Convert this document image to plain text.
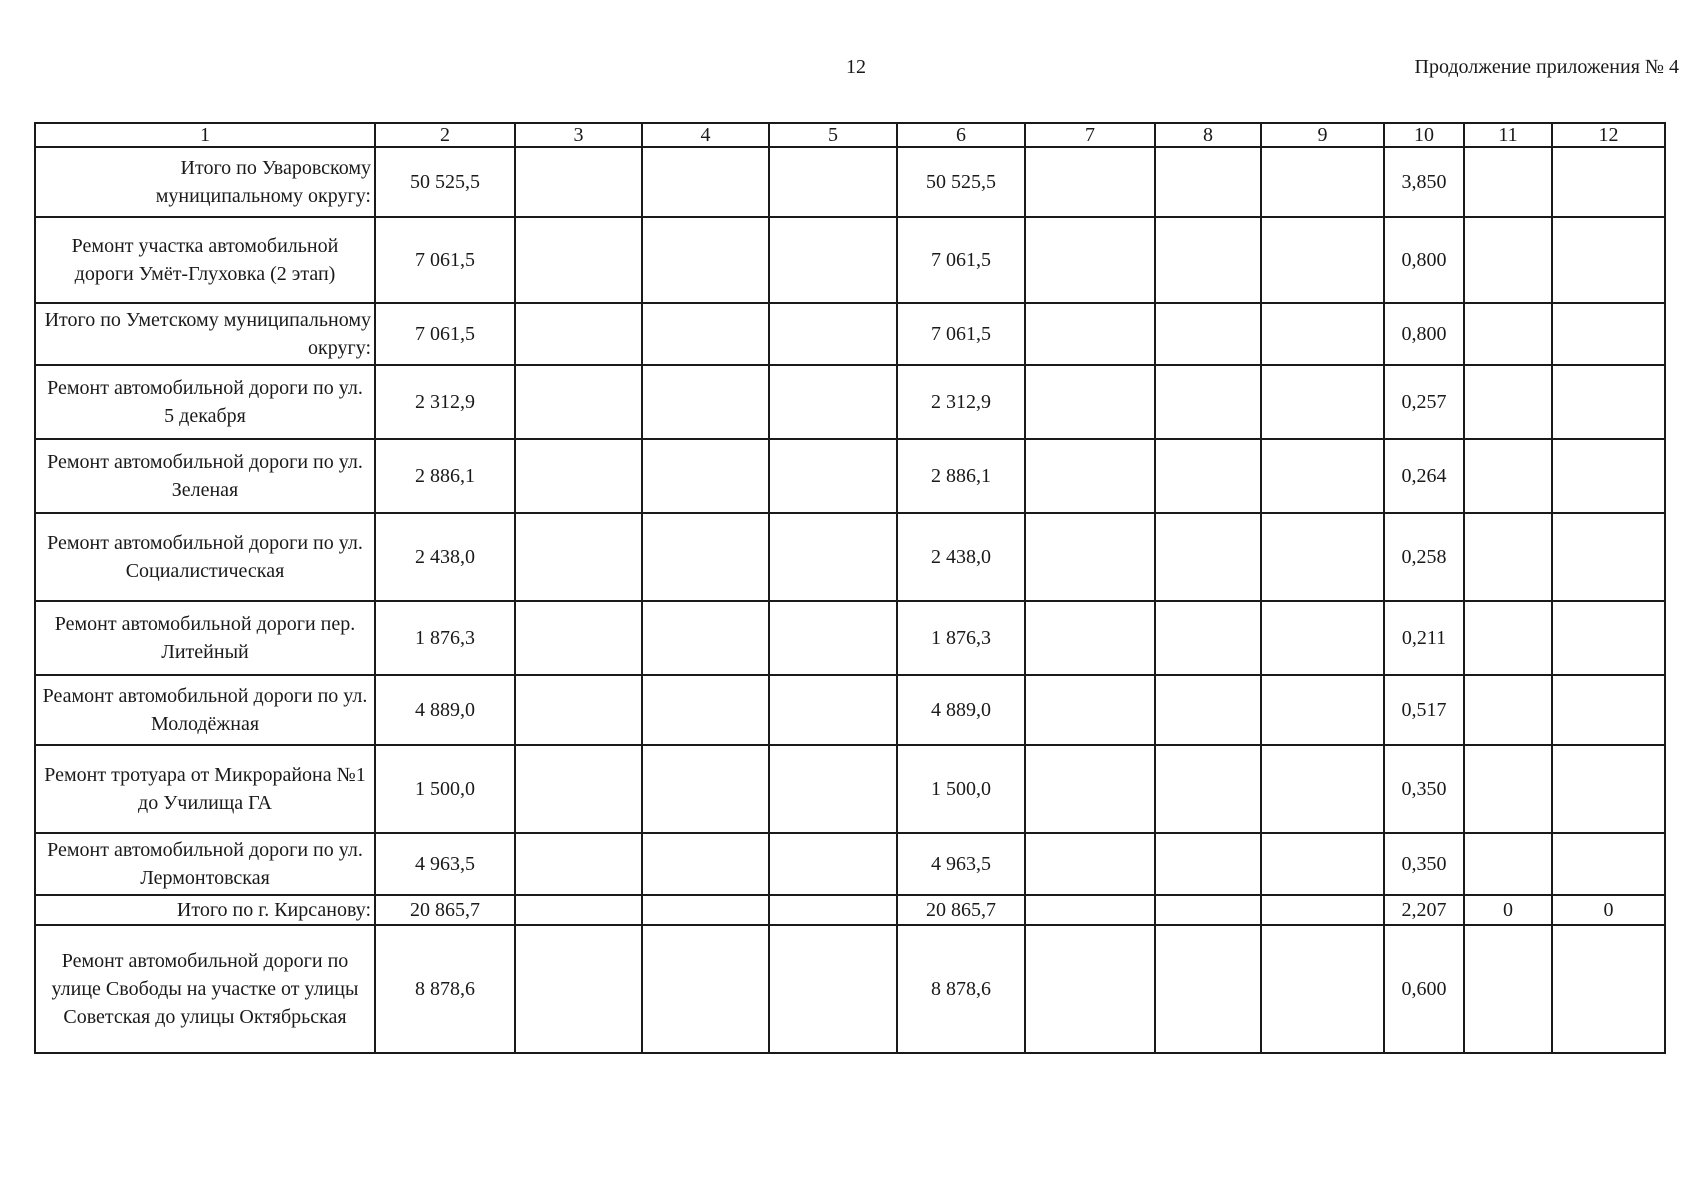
12	Продолжение приложения № 4
1	2	3	4	5	6	7	8	9	10	11	12
Итого по Уваровскому муниципальному округу:	50 525,5				50 525,5				3,850		
Ремонт участка автомобильной дороги Умёт-Глуховка (2 этап)	7 061,5				7 061,5				0,800		
Итого по Уметскому муниципальному округу:	7 061,5				7 061,5				0,800		
Ремонт автомобильной дороги по ул. 5 декабря	2 312,9				2 312,9				0,257		
Ремонт автомобильной дороги по ул. Зеленая	2 886,1				2 886,1				0,264		
Ремонт автомобильной дороги по ул. Социалистическая	2 438,0				2 438,0				0,258		
Ремонт автомобильной дороги пер. Литейный	1 876,3				1 876,3				0,211		
Реамонт автомобильной дороги по ул. Молодёжная	4 889,0				4 889,0				0,517		
Ремонт тротуара от Микрорайона №1 до Училища ГА	1 500,0				1 500,0				0,350		
Ремонт автомобильной дороги по ул. Лермонтовская	4 963,5				4 963,5				0,350		
Итого по г. Кирсанову:	20 865,7				20 865,7				2,207	0	0
Ремонт автомобильной дороги по улице Свободы на участке от улицы Советская до улицы Октябрьская	8 878,6				8 878,6				0,600		
